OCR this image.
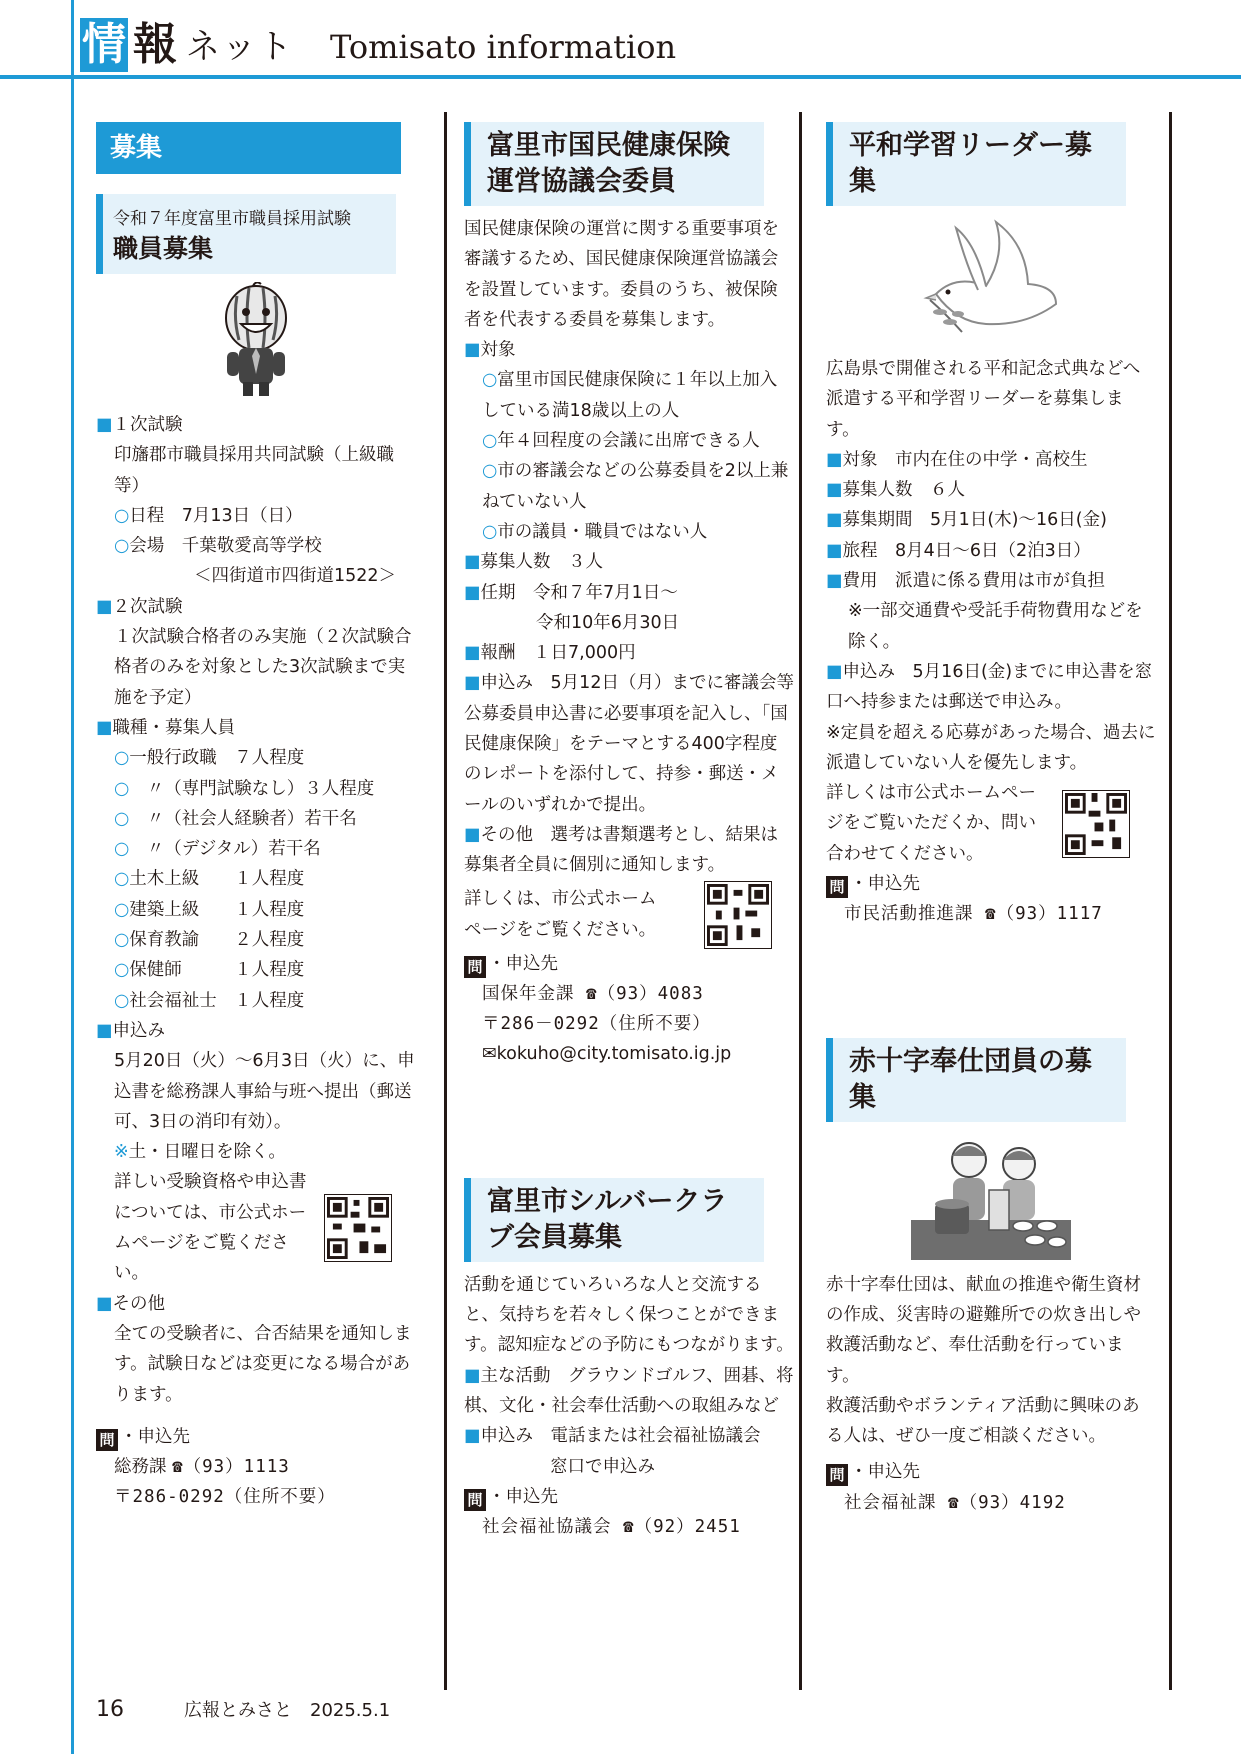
情 報 ネット Tomisato information
募集
令和７年度富里市職員採用試験
職員募集
■１次試験
印旛郡市職員採用共同試験（上級職等）
○日程　7月13日（日）
○会場　千葉敬愛高等学校
＜四街道市四街道1522＞
■２次試験
１次試験合格者のみ実施（２次試験合格者のみを対象とした3次試験まで実施を予定）
■職種・募集人員
○一般行政職　７人程度
○　〃（専門試験なし）３人程度
○　〃（社会人経験者）若干名
○　〃（デジタル）若干名
○土木上級　　１人程度
○建築上級　　１人程度
○保育教諭　　２人程度
○保健師　　　１人程度
○社会福祉士　１人程度
■申込み
5月20日（火）～6月3日（火）に、申込書を総務課人事給与班へ提出（郵送可、3日の消印有効）。
※土・日曜日を除く。
詳しい受験資格や申込書については、市公式ホームページをご覧ください。
■その他
全ての受験者に、合否結果を通知します。試験日などは変更になる場合があります。
問 ・申込先
総務課 ☎（93）1113
〒286-0292（住所不要）
富里市国民健康保険運営協議会委員
国民健康保険の運営に関する重要事項を審議するため、国民健康保険運営協議会を設置しています。委員のうち、被保険者を代表する委員を募集します。
■対象
○富里市国民健康保険に１年以上加入している満18歳以上の人
○年４回程度の会議に出席できる人
○市の審議会などの公募委員を2以上兼ねていない人
○市の議員・職員ではない人
■募集人数　３人
■任期　 令和７年7月1日～
令和10年6月30日
■報酬　１日7,000円
■申込み　5月12日（月）までに審議会等公募委員申込書に必要事項を記入し、「国民健康保険」をテーマとする400字程度のレポートを添付して、持参・郵送・メールのいずれかで提出。
■その他　選考は書類選考とし、結果は募集者全員に個別に通知します。
詳しくは、市公式ホームページをご覧ください。
問 ・申込先
国保年金課 ☎（93）4083
〒286－0292（住所不要）
✉kokuho@city.tomisato.ig.jp
富里市シルバークラブ会員募集
活動を通じていろいろな人と交流すると、気持ちを若々しく保つことができます。認知症などの予防にもつながります。
■主な活動　グラウンドゴルフ、囲碁、将棋、文化・社会奉仕活動への取組みなど
■申込み　電話または社会福祉協議会
窓口で申込み
問 ・申込先
社会福祉協議会 ☎（92）2451
平和学習リーダー募集
広島県で開催される平和記念式典などへ派遣する平和学習リーダーを募集します。
■対象　市内在住の中学・高校生
■募集人数　６人
■募集期間　5月1日(木)～16日(金)
■旅程　8月4日～6日（2泊3日）
■費用　派遣に係る費用は市が負担
※一部交通費や受託手荷物費用などを除く。
■申込み　5月16日(金)までに申込書を窓口へ持参または郵送で申込み。
※定員を超える応募があった場合、過去に派遣していない人を優先します。
詳しくは市公式ホームページをご覧いただくか、問い合わせてください。
問 ・申込先
市民活動推進課 ☎（93）1117
赤十字奉仕団員の募集
赤十字奉仕団は、献血の推進や衛生資材の作成、災害時の避難所での炊き出しや救護活動など、奉仕活動を行っています。
救護活動やボランティア活動に興味のある人は、ぜひ一度ご相談ください。
問 ・申込先
社会福祉課 ☎（93）4192
16	広報とみさと　2025.5.1
